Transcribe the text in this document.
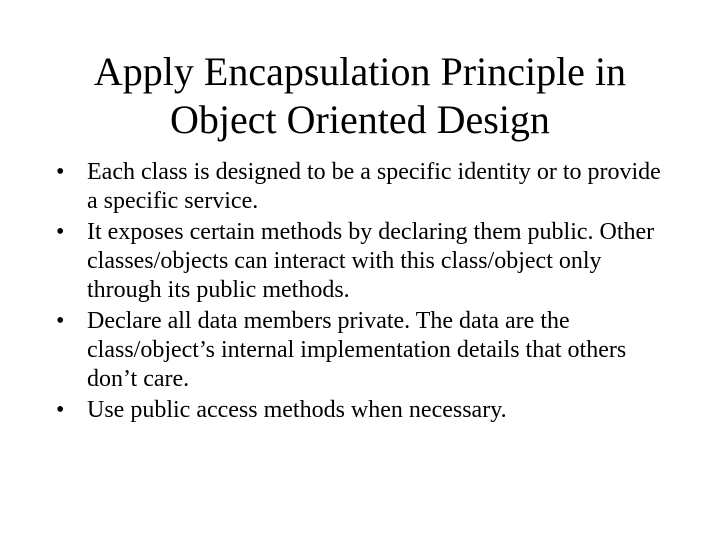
Apply Encapsulation Principle in
Object Oriented Design
• Each class is designed to be a specific identity or to provide a specific service.
• It exposes certain methods by declaring them public. Other classes/objects can interact with this class/object only through its public methods.
• Declare all data members private. The data are the class/object’s internal implementation details that others don’t care.
• Use public access methods when necessary.
